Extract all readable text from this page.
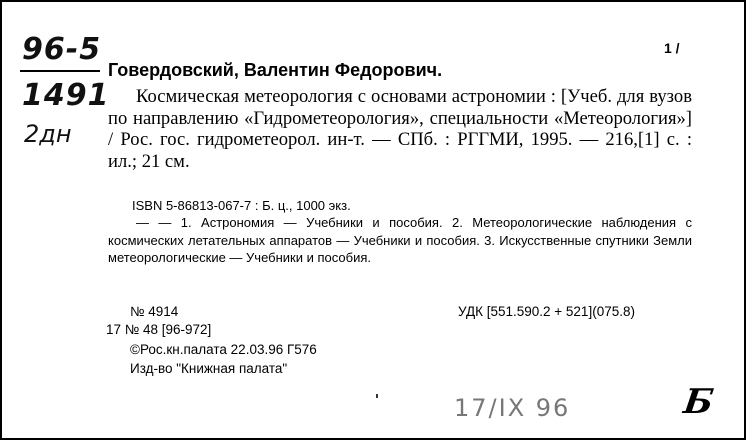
96-5
1491
2дн
1 /
Говердовский, Валентин Федорович.

Космическая метеорология с основами астрономии : [Учеб. для вузов по направлению «Гидрометеорология», специальности «Метеорология»] / Рос. гос. гидрометеорол. ин-т. — СПб. : РГГМИ, 1995. — 216,[1] с. : ил.; 21 см.

ISBN 5-86813-067-7 : Б. ц., 1000 экз.

— — 1. Астрономия — Учебники и пособия. 2. Метеорологические наблюдения с космических летательных аппаратов — Учебники и пособия. 3. Искусственные спутники Земли метеорологические — Учебники и пособия.

№ 4914	УДК [551.590.2 + 521](075.8)
17 № 48 [96-972]
©Рос.кн.палата 22.03.96 Г576
Изд-во "Книжная палата"
17/IX 96	Б
